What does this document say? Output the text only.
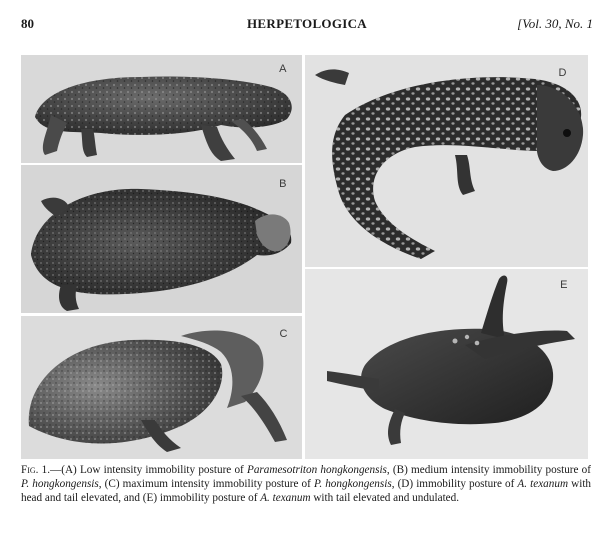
80	HERPETOLOGICA	[Vol. 30, No. 1
A
B
C
D
E
Fig. 1.—(A) Low intensity immobility posture of Paramesotriton hongkongensis, (B) medium intensity immobility posture of P. hongkongensis, (C) maximum intensity immobility posture of P. hongkongensis, (D) immobility posture of A. texanum with head and tail elevated, and (E) immobility posture of A. texanum with tail elevated and undulated.
